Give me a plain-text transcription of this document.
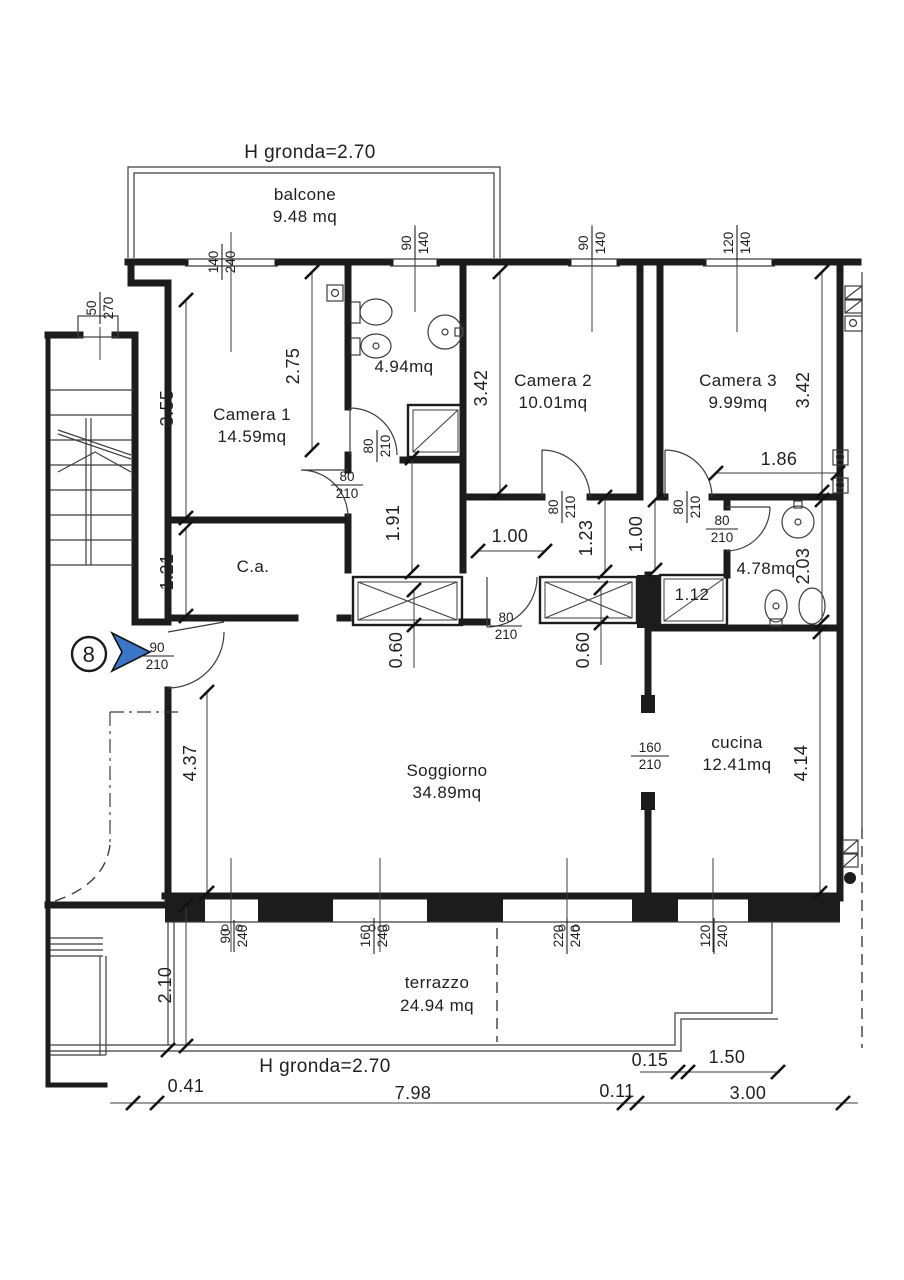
H gronda=2.70
balcone
9.48 mq
1.12
terrazzo
24.94 mq
H gronda=2.70
8
Camera 1
14.59mq
4.94mq
Camera 2
10.01mq
Camera 3
9.99mq
C.a.	4.78mq
Soggiorno
34.89mq
cucina
12.41mq
3.55
2.75
1.21
1.91
3.42	3.42
1.86
2.03
1.00	1.23 1.00
0.60	0.60
4.37	4.14
2.10
0.41	7.98	0.11
0.15 1.50
3.00
140 240
90 140	90 140	120 140
50 270
80 210
80
210
80 210	80 210
80
210
80
210
90
210
160
210
90 240	160 240	220 240	120 240
